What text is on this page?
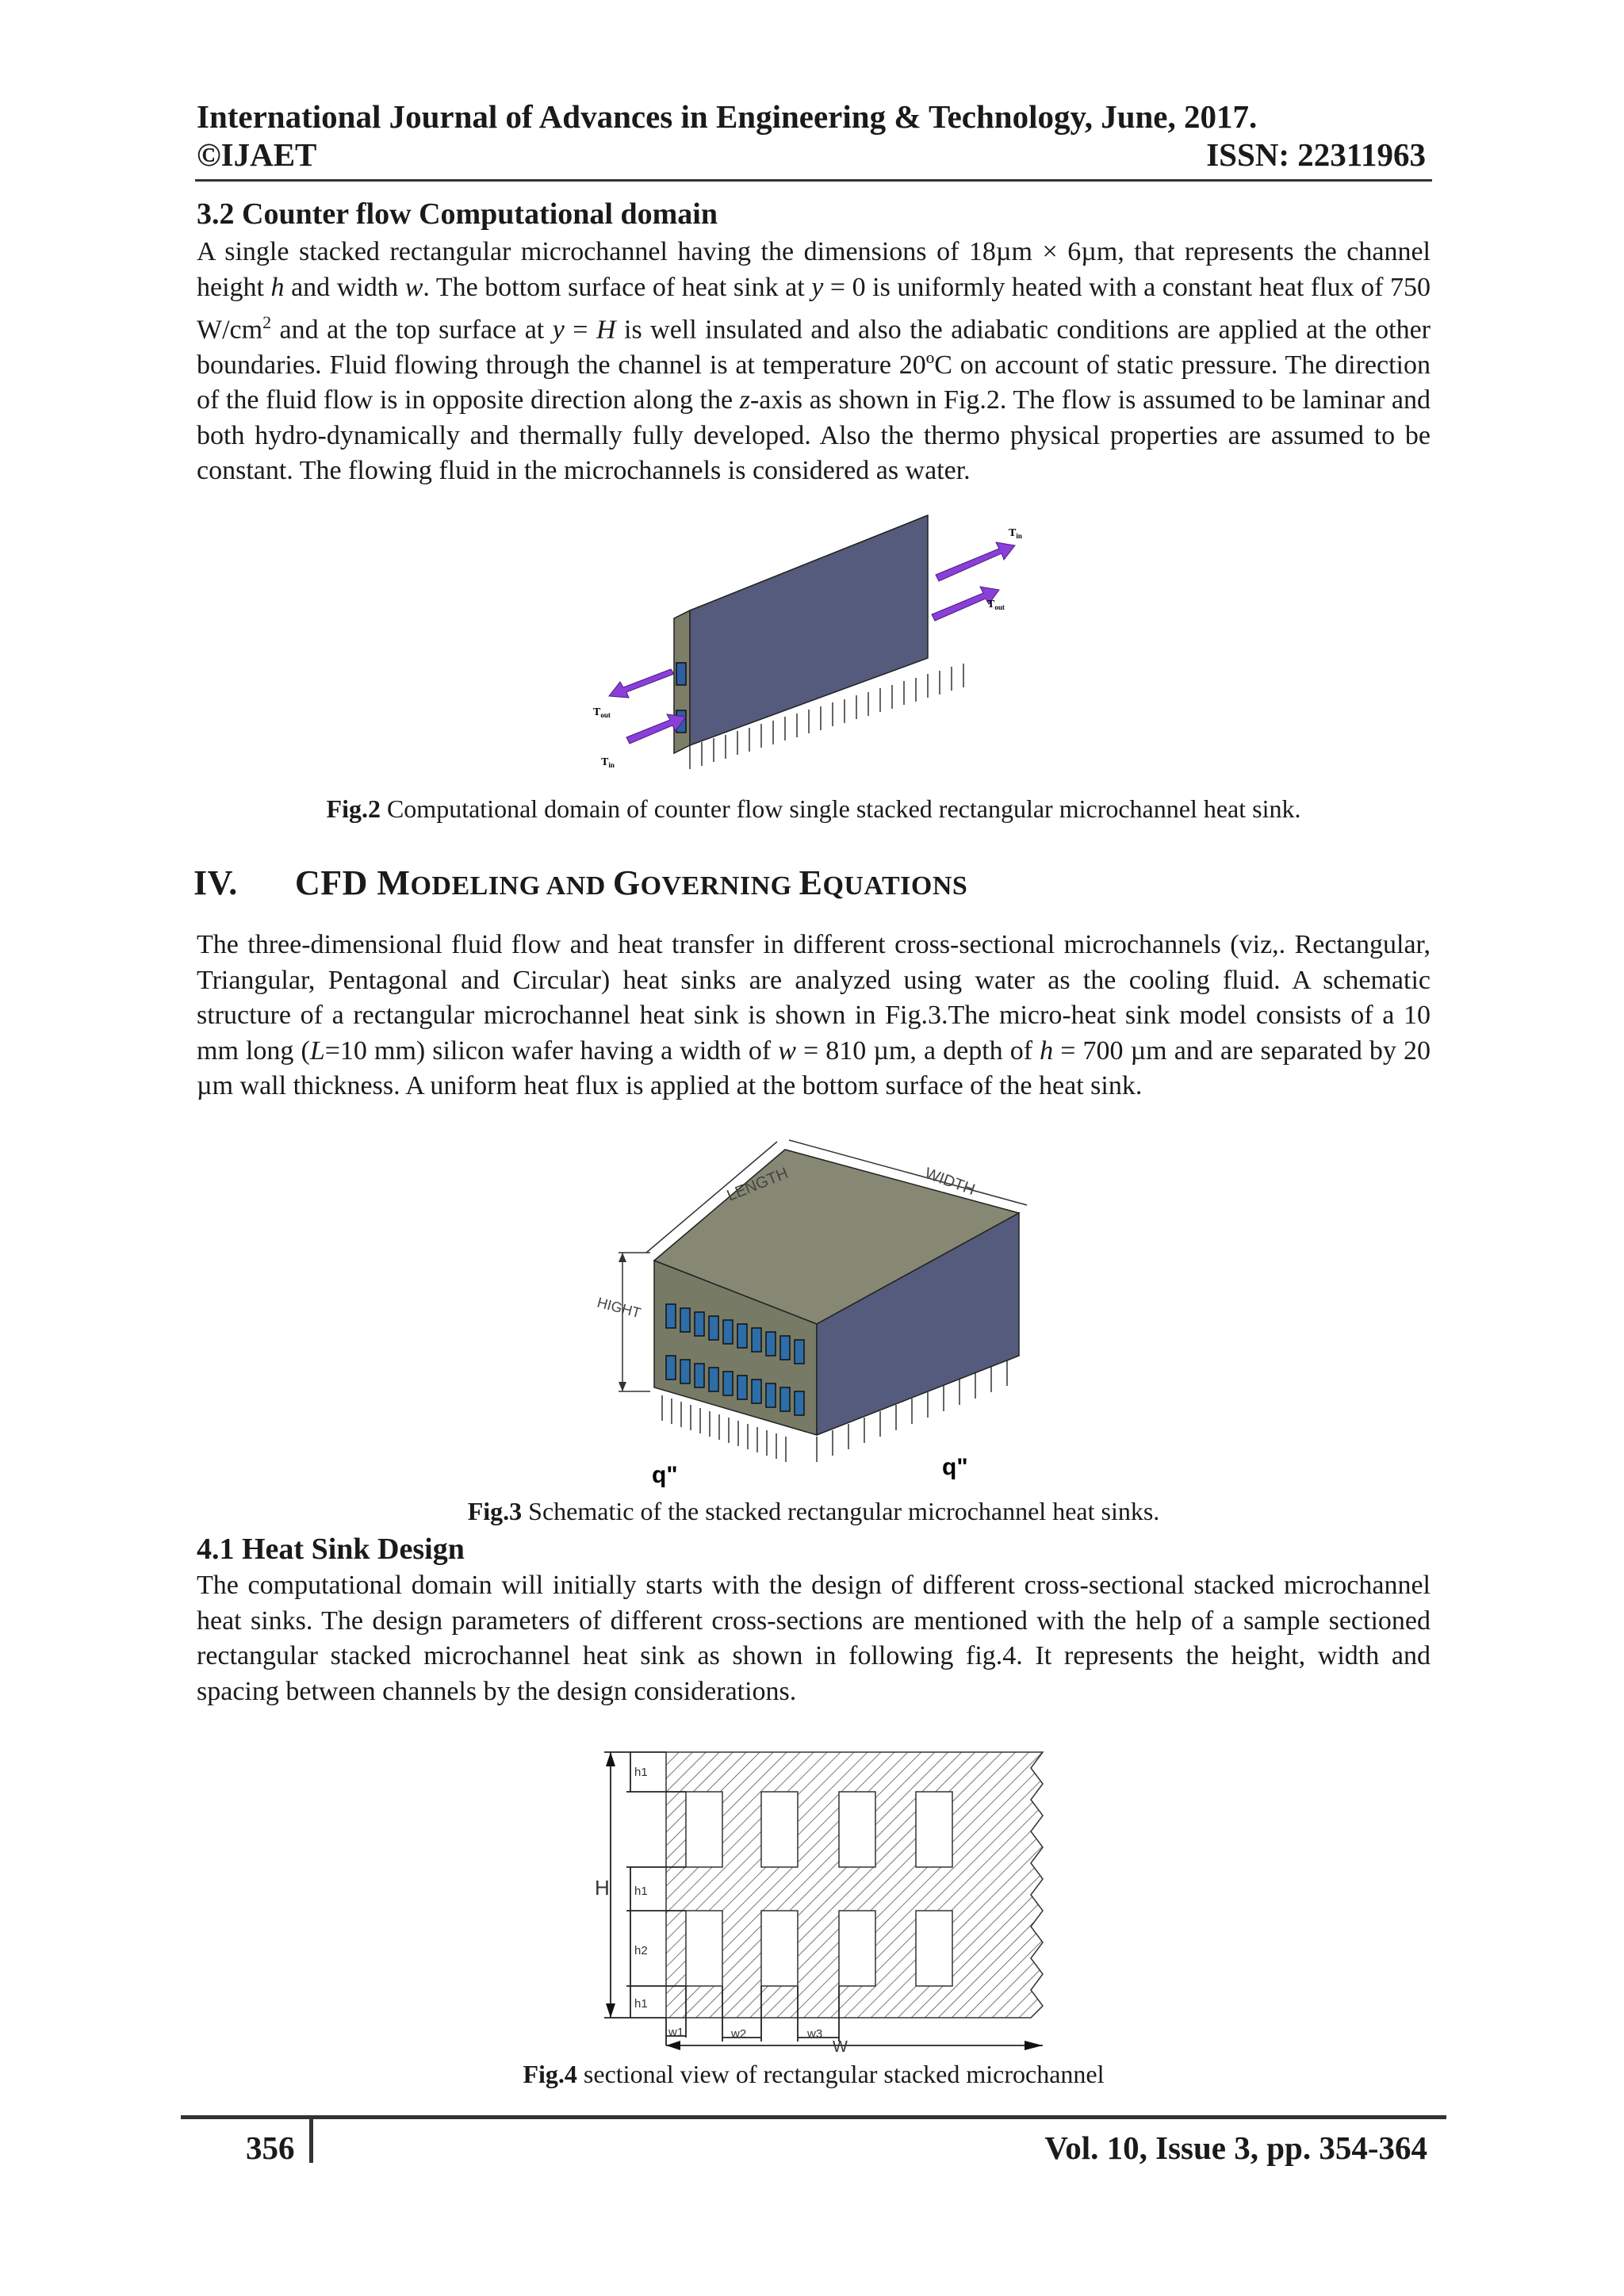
International Journal of Advances in Engineering & Technology, June, 2017.
©IJAET	ISSN: 22311963
3.2 Counter flow Computational domain

A single stacked rectangular microchannel having the dimensions of 18µm × 6µm, that represents the channel height h and width w. The bottom surface of heat sink at y = 0 is uniformly heated with a constant heat flux of 750 $W/cm^2$ and at the top surface at y = H is well insulated and also the adiabatic conditions are applied at the other boundaries. Fluid flowing through the channel is at temperature 20ºC on account of static pressure. The direction of the fluid flow is in opposite direction along the z-axis as shown in Fig.2. The flow is assumed to be laminar and both hydro-dynamically and thermally fully developed. Also the thermo physical properties are assumed to be constant. The flowing fluid in the microchannels is considered as water.

$T_{in}$
$T_{out}$
$T_{out}$
$T_{in}$
Fig.2 Computational domain of counter flow single stacked rectangular microchannel heat sink.
IV. CFD MODELING AND GOVERNING EQUATIONS

The three-dimensional fluid flow and heat transfer in different cross-sectional microchannels (viz,. Rectangular, Triangular, Pentagonal and Circular) heat sinks are analyzed using water as the cooling fluid. A schematic structure of a rectangular microchannel heat sink is shown in Fig.3.The micro-heat sink model consists of a 10 mm long (L=10 mm) silicon wafer having a width of w = 810 µm, a depth of h = 700 µm and are separated by 20 µm wall thickness. A uniform heat flux is applied at the bottom surface of the heat sink.

LENGTH	WIDTH
HIGHT
q"	q"
Fig.3 Schematic of the stacked rectangular microchannel heat sinks.
4.1 Heat Sink Design

The computational domain will initially starts with the design of different cross-sectional stacked microchannel heat sinks. The design parameters of different cross-sections are mentioned with the help of a sample sectioned rectangular stacked microchannel heat sink as shown in following fig.4. It represents the height, width and spacing between channels by the design considerations.

h1
H h1
h2
h1
w1	w2
W
w3
Fig.4 sectional view of rectangular stacked microchannel
356	Vol. 10, Issue 3, pp. 354-364
